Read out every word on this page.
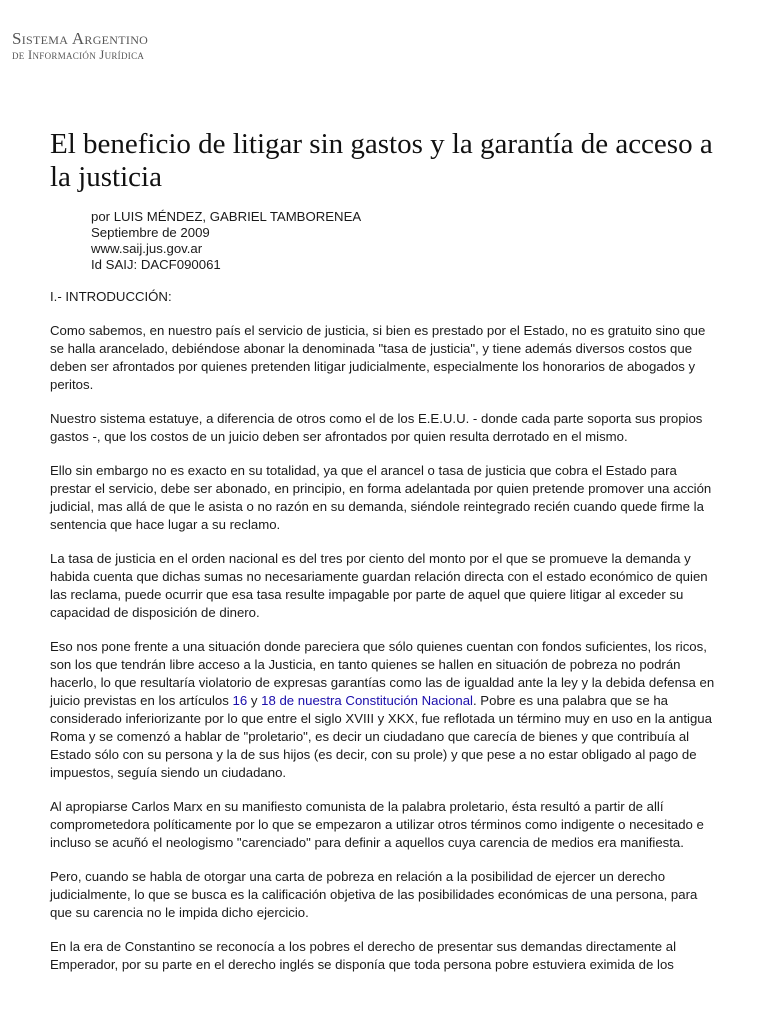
Sistema Argentino
de Información Jurídica
El beneficio de litigar sin gastos y la garantía de acceso a la justicia
por LUIS MÉNDEZ, GABRIEL TAMBORENEA
Septiembre de 2009
www.saij.jus.gov.ar
Id SAIJ: DACF090061

I.- INTRODUCCIÓN:

Como sabemos, en nuestro país el servicio de justicia, si bien es prestado por el Estado, no es gratuito sino que se halla arancelado, debiéndose abonar la denominada "tasa de justicia", y tiene además diversos costos que deben ser afrontados por quienes pretenden litigar judicialmente, especialmente los honorarios de abogados y peritos.

Nuestro sistema estatuye, a diferencia de otros como el de los E.E.U.U. - donde cada parte soporta sus propios gastos -, que los costos de un juicio deben ser afrontados por quien resulta derrotado en el mismo.

Ello sin embargo no es exacto en su totalidad, ya que el arancel o tasa de justicia que cobra el Estado para prestar el servicio, debe ser abonado, en principio, en forma adelantada por quien pretende promover una acción judicial, mas allá de que le asista o no razón en su demanda, siéndole reintegrado recién cuando quede firme la sentencia que hace lugar a su reclamo.

La tasa de justicia en el orden nacional es del tres por ciento del monto por el que se promueve la demanda y habida cuenta que dichas sumas no necesariamente guardan relación directa con el estado económico de quien las reclama, puede ocurrir que esa tasa resulte impagable por parte de aquel que quiere litigar al exceder su capacidad de disposición de dinero.

Eso nos pone frente a una situación donde pareciera que sólo quienes cuentan con fondos suficientes, los ricos, son los que tendrán libre acceso a la Justicia, en tanto quienes se hallen en situación de pobreza no podrán hacerlo, lo que resultaría violatorio de expresas garantías como las de igualdad ante la ley y la debida defensa en juicio previstas en los artículos 16 y 18 de nuestra Constitución Nacional. Pobre es una palabra que se ha considerado inferiorizante por lo que entre el siglo XVIII y XKX, fue reflotada un término muy en uso en la antigua Roma y se comenzó a hablar de "proletario", es decir un ciudadano que carecía de bienes y que contribuía al Estado sólo con su persona y la de sus hijos (es decir, con su prole) y que pese a no estar obligado al pago de impuestos, seguía siendo un ciudadano.

Al apropiarse Carlos Marx en su manifiesto comunista de la palabra proletario, ésta resultó a partir de allí comprometedora políticamente por lo que se empezaron a utilizar otros términos como indigente o necesitado e incluso se acuñó el neologismo "carenciado" para definir a aquellos cuya carencia de medios era manifiesta.

Pero, cuando se habla de otorgar una carta de pobreza en relación a la posibilidad de ejercer un derecho judicialmente, lo que se busca es la calificación objetiva de las posibilidades económicas de una persona, para que su carencia no le impida dicho ejercicio.

En la era de Constantino se reconocía a los pobres el derecho de presentar sus demandas directamente al Emperador, por su parte en el derecho inglés se disponía que toda persona pobre estuviera eximida de los
